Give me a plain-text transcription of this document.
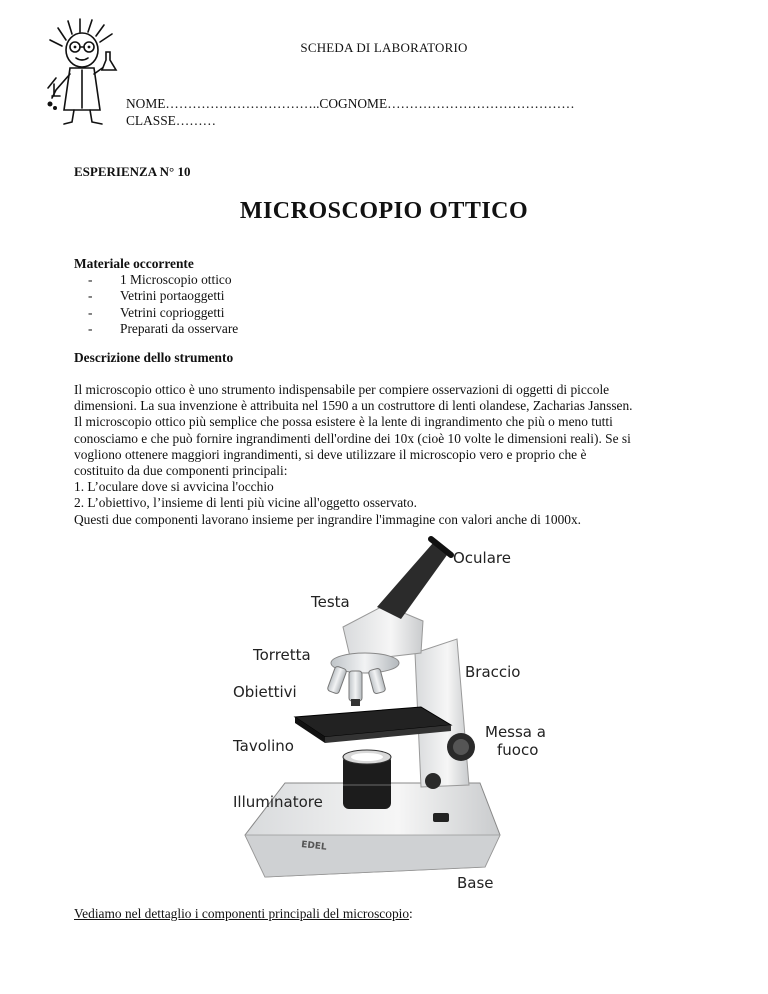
SCHEDA DI LABORATORIO
NOME……………………………..COGNOME……………………………………
CLASSE………
ESPERIENZA N° 10
MICROSCOPIO OTTICO
Materiale occorrente
- 1 Microscopio ottico
- Vetrini portaoggetti
- Vetrini coprioggetti
- Preparati da osservare
Descrizione dello strumento

Il microscopio ottico è uno strumento indispensabile per compiere osservazioni di oggetti di piccole

dimensioni. La sua invenzione è attribuita nel 1590 a un costruttore di lenti olandese, Zacharias Janssen.

Il microscopio ottico più semplice che possa esistere è la lente di ingrandimento che più o meno tutti

conosciamo e che può fornire ingrandimenti dell'ordine dei 10x (cioè 10 volte le dimensioni reali). Se si

vogliono ottenere maggiori ingrandimenti, si deve utilizzare il microscopio vero e proprio che è

costituito da due componenti principali:

1. L’oculare dove si avvicina l'occhio

2. L’obiettivo, l’insieme di lenti più vicine all'oggetto osservato.

Questi due componenti lavorano insieme per ingrandire l'immagine con valori anche di 1000x.

EDEL
Oculare
Testa
Torretta
Braccio
Obiettivi
Messa a
fuoco
Tavolino
Illuminatore
Base
Vediamo nel dettaglio i componenti principali del microscopio :
